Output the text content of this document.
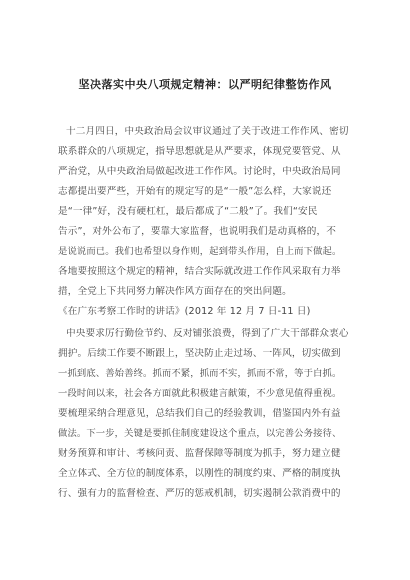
坚决落实中央八项规定精神：以严明纪律整饬作风
十二月四日，中央政治局会议审议通过了关于改进工作作风、密切
联系群众的八项规定，指导思想就是从严要求，体现党要管党、从
严治党，从中央政治局做起改进工作作风。讨论时，中央政治局同
志都提出要严些，开始有的规定写的是“一般”怎么样，大家说还
是“一律”好，没有硬杠杠，最后都成了“二般”了。我们“安民
告示”，对外公布了，要靠大家监督，也说明我们是动真格的，不
是说说而已。我们也希望以身作则，起到带头作用，自上而下做起。
各地要按照这个规定的精神，结合实际就改进工作作风采取有力举
措，全党上下共同努力解决作风方面存在的突出问题。
《在广东考察工作时的讲话》(2012 年 12 月 7 日-11 日)
中央要求厉行勤俭节约、反对铺张浪费，得到了广大干部群众衷心
拥护。后续工作要不断跟上，坚决防止走过场、一阵风，切实做到
一抓到底、善始善终。抓而不紧，抓而不实，抓而不常，等于白抓。
一段时间以来，社会各方面就此积极建言献策，不少意见值得重视。
要梳理采纳合理意见，总结我们自己的经验教训，借鉴国内外有益
做法。下一步，关键是要抓住制度建设这个重点，以完善公务接待、
财务预算和审计、考核问责、监督保障等制度为抓手，努力建立健
全立体式、全方位的制度体系，以刚性的制度约束、严格的制度执
行、强有力的监督检查、严厉的惩戒机制，切实遏制公款消费中的
